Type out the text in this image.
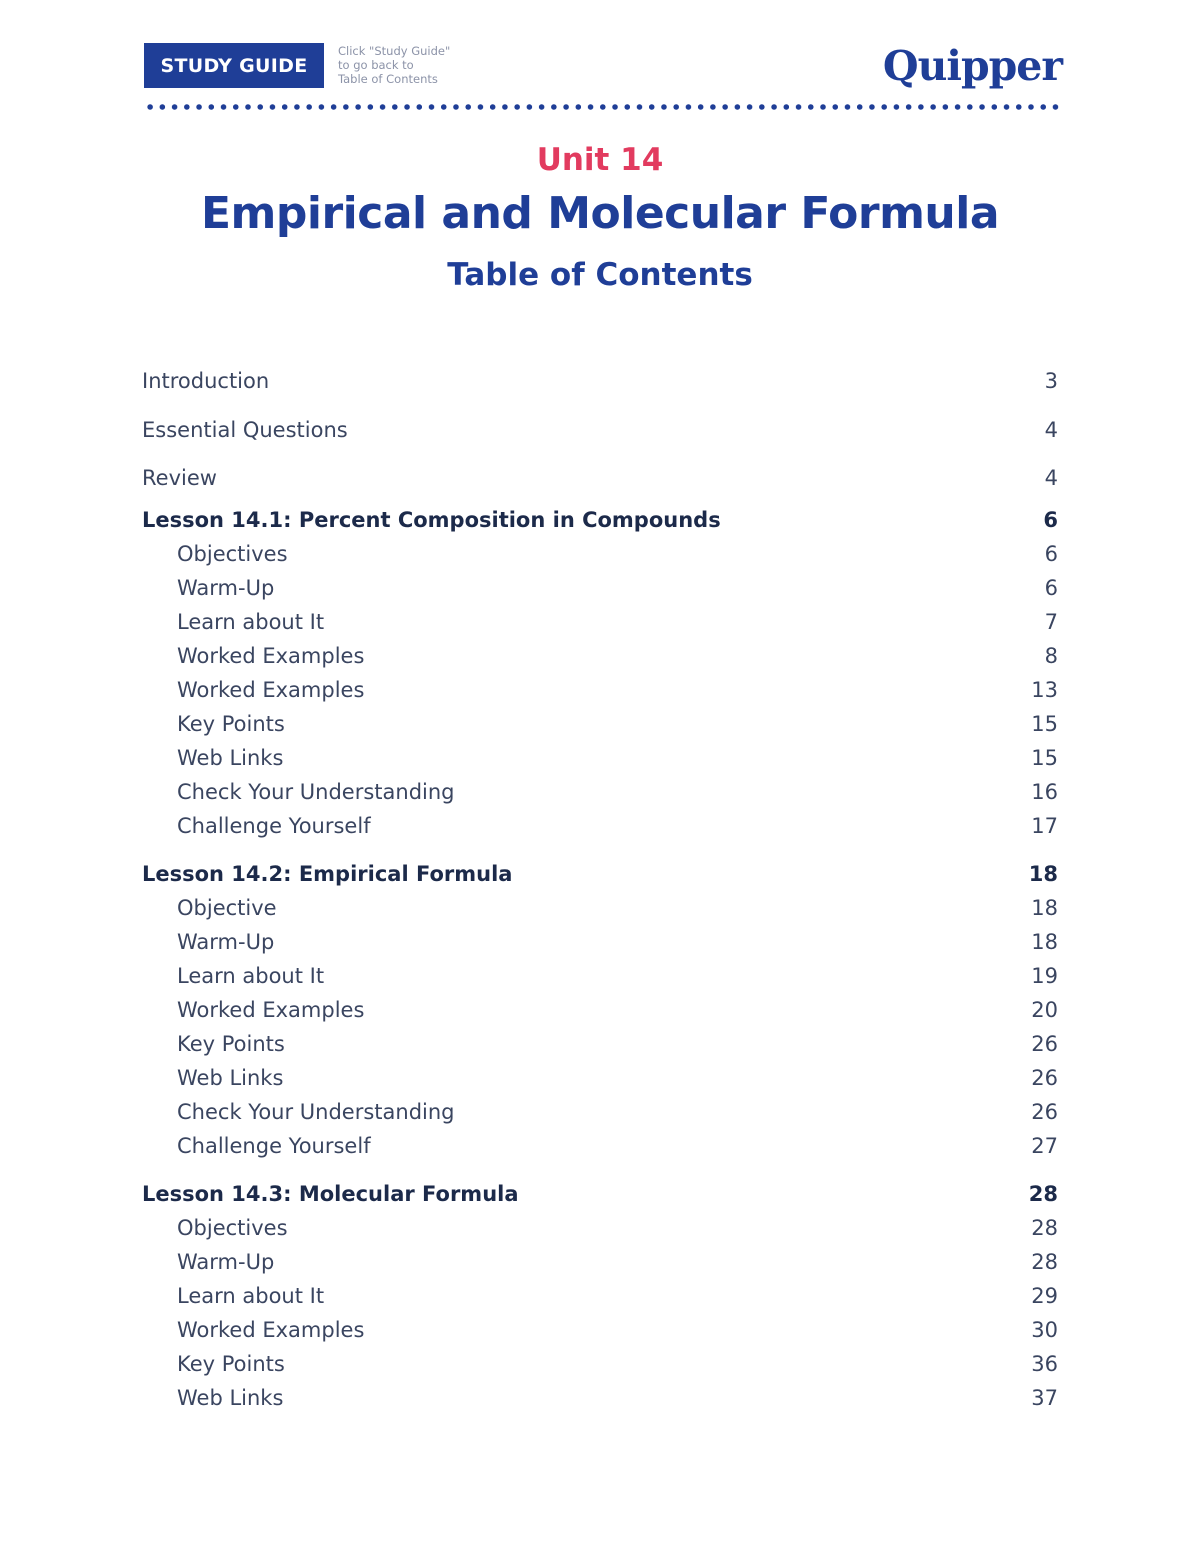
STUDY GUIDE
Click "Study Guide"
to go back to
Table of Contents	Quipper
Unit 14
Empirical and Molecular Formula
Table of Contents
Introduction	3
Essential Questions	4
Review	4
Lesson 14.1: Percent Composition in Compounds	6
Objectives	6
Warm-Up	6
Learn about It	7
Worked Examples	8
Worked Examples	13
Key Points	15
Web Links	15
Check Your Understanding	16
Challenge Yourself	17
Lesson 14.2: Empirical Formula	18
Objective	18
Warm-Up	18
Learn about It	19
Worked Examples	20
Key Points	26
Web Links	26
Check Your Understanding	26
Challenge Yourself	27
Lesson 14.3: Molecular Formula	28
Objectives	28
Warm-Up	28
Learn about It	29
Worked Examples	30
Key Points	36
Web Links	37
